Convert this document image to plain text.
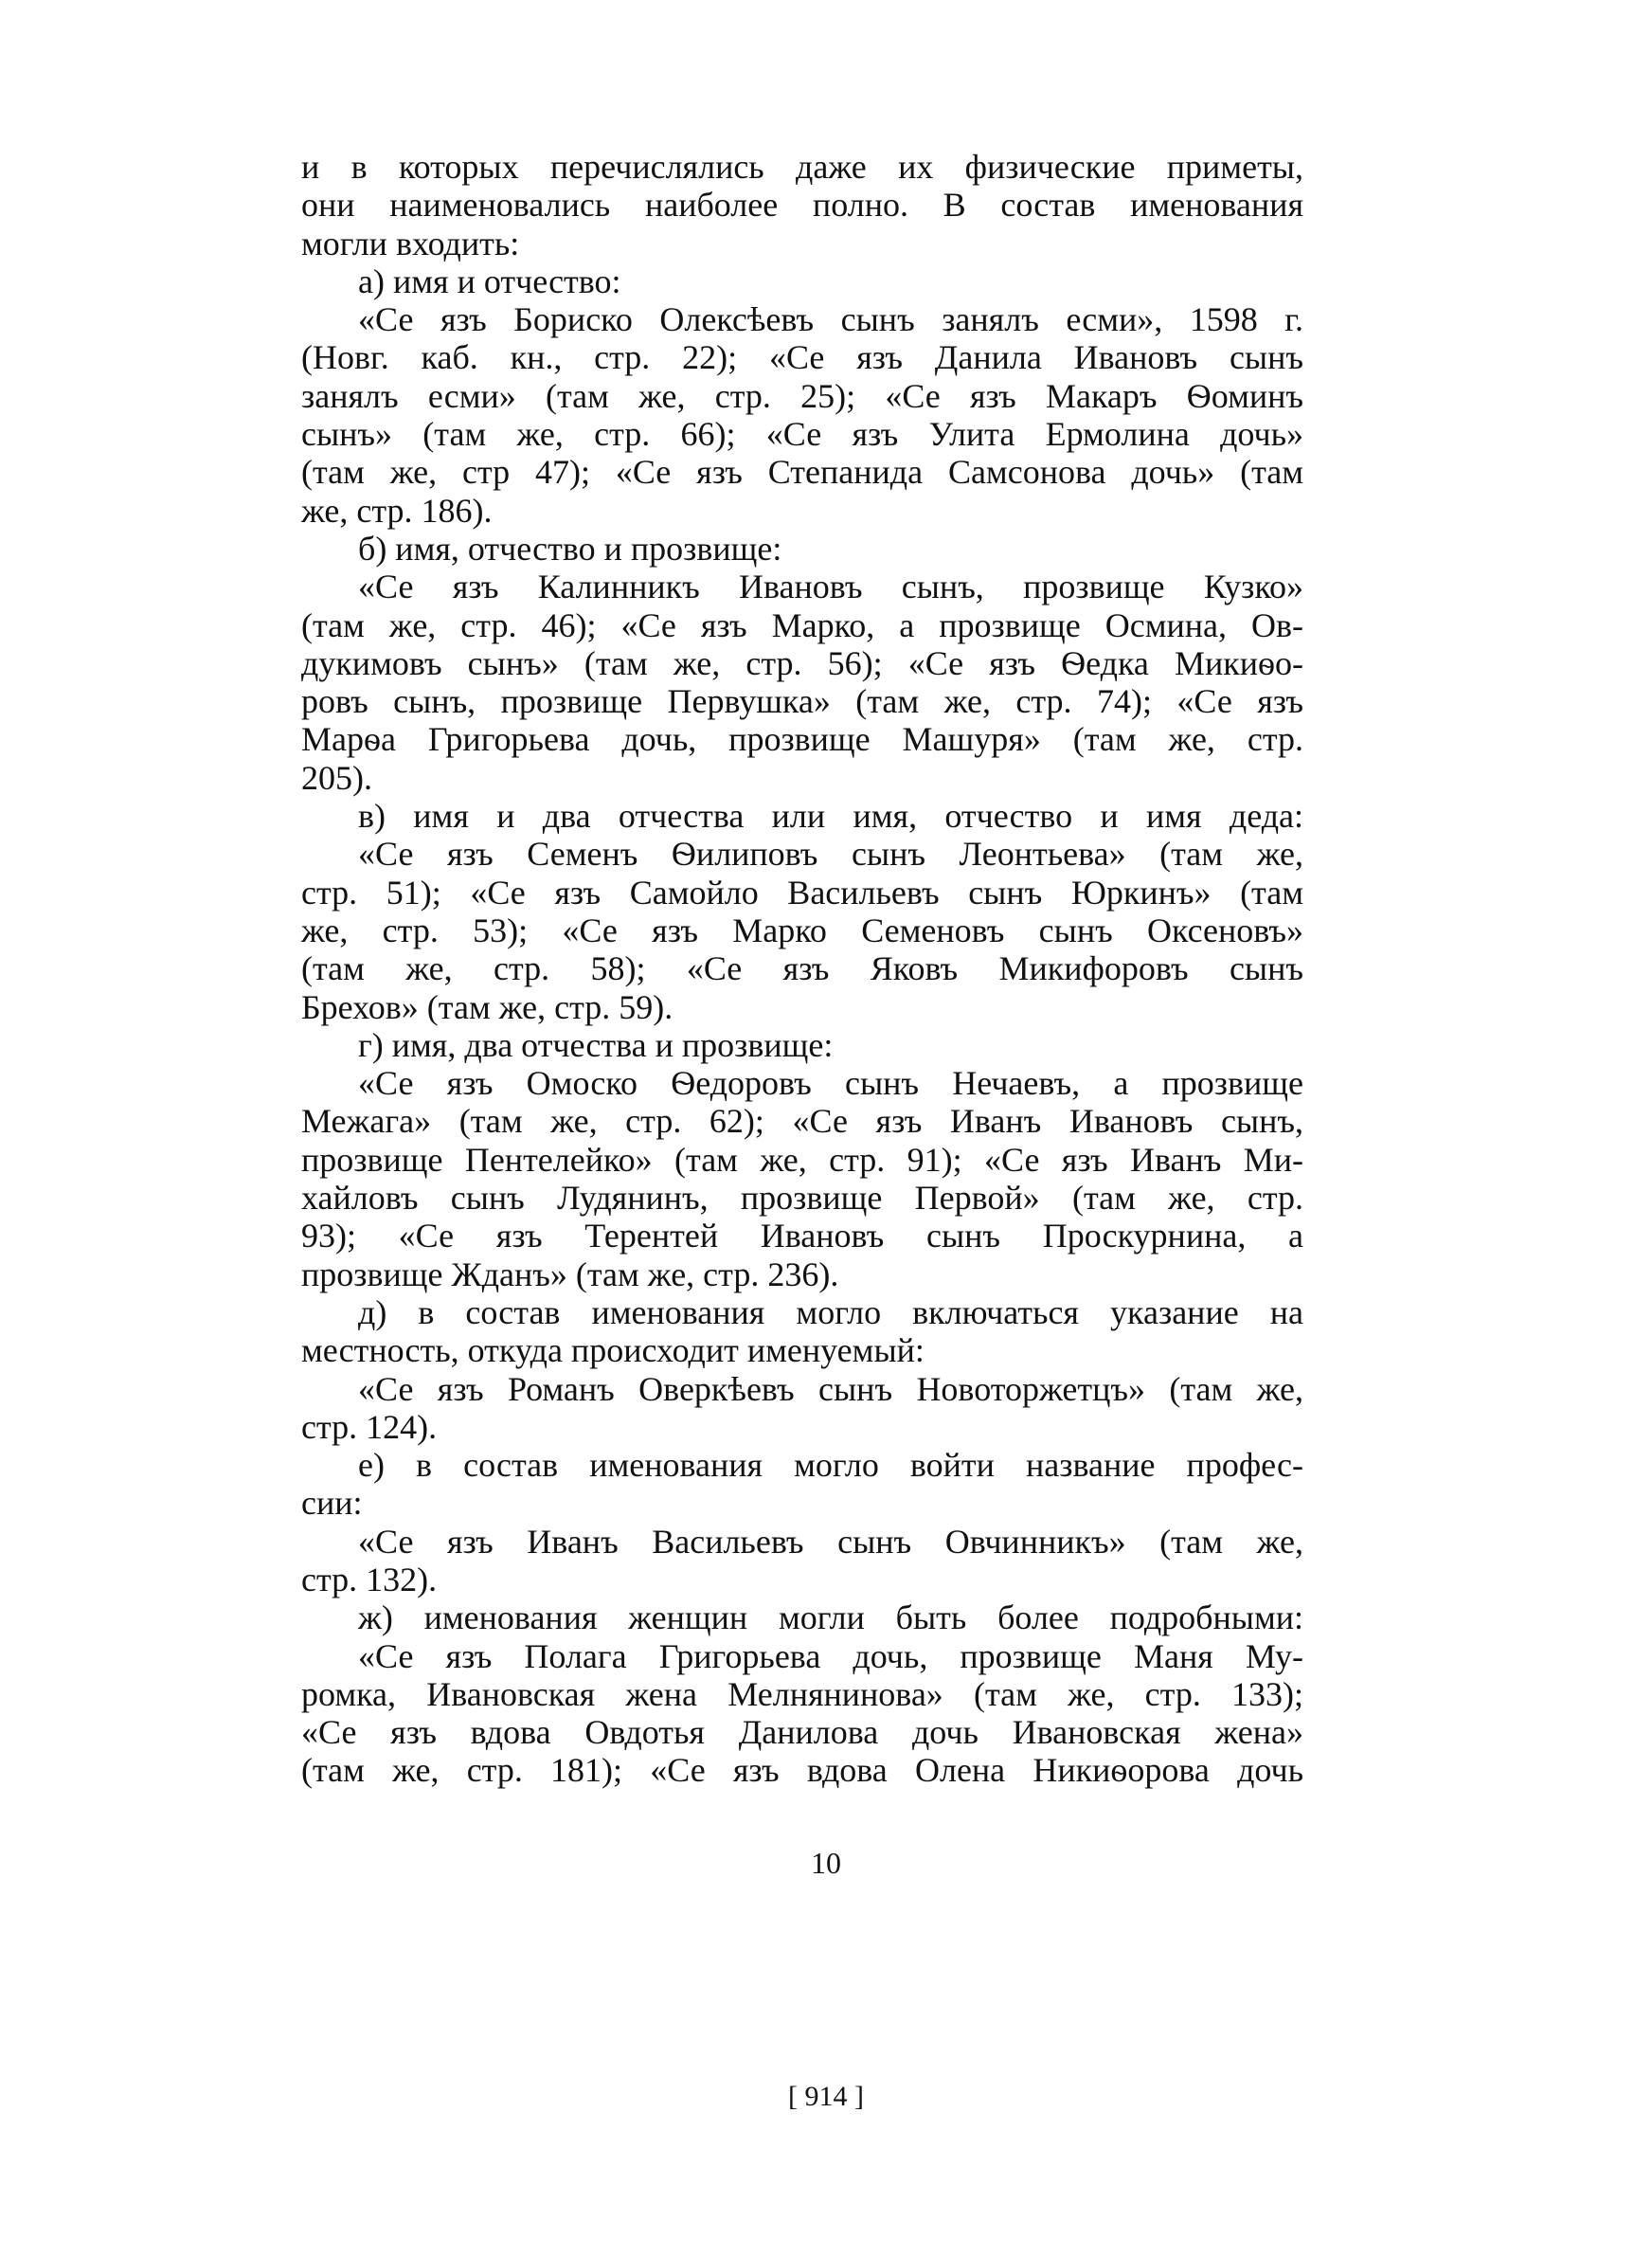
и в которых перечислялись даже их физические приметы,
они наименовались наиболее полно. В состав именования
могли входить:
а) имя и отчество:
«Се язъ Бориско Олексѣевъ сынъ занялъ есми», 1598 г.
(Новг. каб. кн., стр. 22); «Се язъ Данила Ивановъ сынъ
занялъ есми» (там же, стр. 25); «Се язъ Макаръ Ѳоминъ
сынъ» (там же, стр. 66); «Се язъ Улита Ермолина дочь»
(там же, стр 47); «Се язъ Степанида Самсонова дочь» (там
же, стр. 186).
б) имя, отчество и прозвище:
«Се язъ Калинникъ Ивановъ сынъ, прозвище Кузко»
(там же, стр. 46); «Се язъ Марко, а прозвище Осмина, Ов-
дукимовъ сынъ» (там же, стр. 56); «Се язъ Ѳедка Микиѳо-
ровъ сынъ, прозвище Первушка» (там же, стр. 74); «Се язъ
Марѳа Григорьева дочь, прозвище Машуря» (там же, стр.
205).
в) имя и два отчества или имя, отчество и имя деда:
«Се язъ Семенъ Ѳилиповъ сынъ Леонтьева» (там же,
стр. 51); «Се язъ Самойло Васильевъ сынъ Юркинъ» (там
же, стр. 53); «Се язъ Марко Семеновъ сынъ Оксеновъ»
(там же, стр. 58); «Се язъ Яковъ Микифоровъ сынъ
Брехов» (там же, стр. 59).
г) имя, два отчества и прозвище:
«Се язъ Омоско Ѳедоровъ сынъ Нечаевъ, а прозвище
Межага» (там же, стр. 62); «Се язъ Иванъ Ивановъ сынъ,
прозвище Пентелейко» (там же, стр. 91); «Се язъ Иванъ Ми-
хайловъ сынъ Лудянинъ, прозвище Первой» (там же, стр.
93); «Се язъ Терентей Ивановъ сынъ Проскурнина, а
прозвище Жданъ» (там же, стр. 236).
д) в состав именования могло включаться указание на
местность, откуда происходит именуемый:
«Се язъ Романъ Оверкѣевъ сынъ Новоторжетцъ» (там же,
стр. 124).
е) в состав именования могло войти название профес-
сии:
«Се язъ Иванъ Васильевъ сынъ Овчинникъ» (там же,
стр. 132).
ж) именования женщин могли быть более подробными:
«Се язъ Полага Григорьева дочь, прозвище Маня Му-
ромка, Ивановская жена Мелнянинова» (там же, стр. 133);
«Се язъ вдова Овдотья Данилова дочь Ивановская жена»
(там же, стр. 181); «Се язъ вдова Олена Никиѳорова дочь
10
[ 914 ]
